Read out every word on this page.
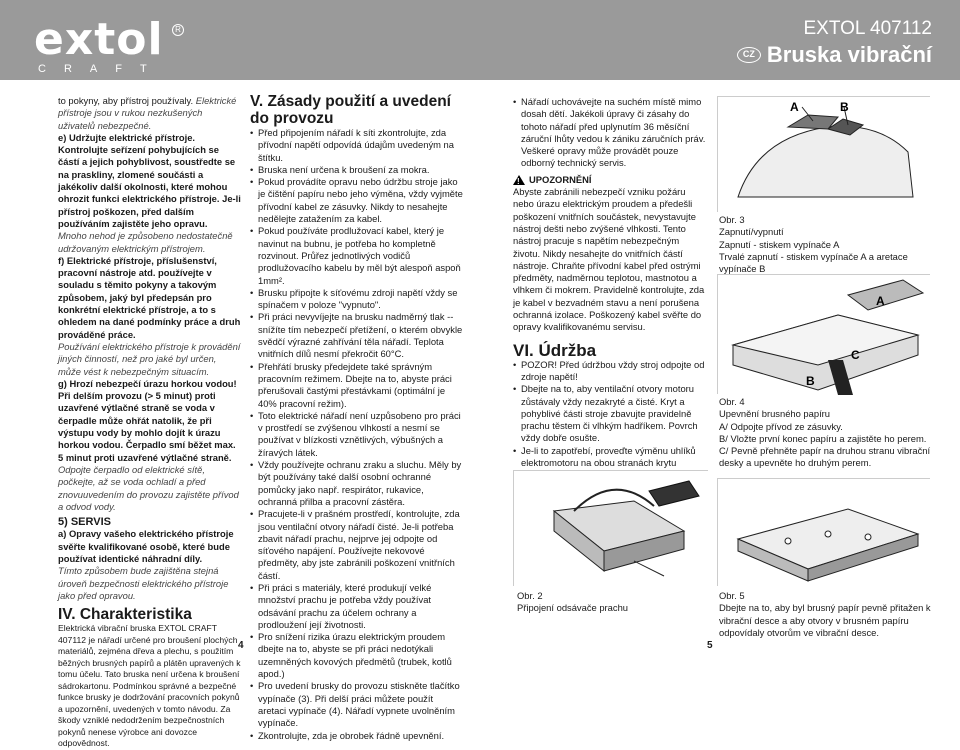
extol	R
CRAFT
EXTOL 407112
CZ Bruska vibrační

to pokyny, aby přístroj používaly. Elektrické přístroje jsou v rukou nezkušených uživatelů nebezpečné.

e) Udržujte elektrické přístroje. Kontrolujte seřízení pohybujících se částí a jejich pohyblivost, soustředte se na praskliny, zlomené součásti a jakékoliv další okolnosti, které mohou ohrozit funkci elektrického přístroje. Je-li přístroj poškozen, před dalším používáním zajistěte jeho opravu.

Mnoho nehod je způsobeno nedostatečně udržovaným elektrickým přístrojem.

f) Elektrické přístroje, příslušenství, pracovní nástroje atd. používejte v souladu s těmito pokyny a takovým způsobem, jaký byl předepsán pro konkrétní elektrické přístroje, a to s ohledem na dané podmínky práce a druh prováděné práce.

Používání elektrického přístroje k provádění jiných činností, než pro jaké byl určen, může vést k nebezpečným situacím.

g) Hrozí nebezpečí úrazu horkou vodou! Při delším provozu (> 5 minut) proti uzavřené výtlačné straně se voda v čerpadle může ohřát natolik, že při výstupu vody by mohlo dojít k úrazu horkou vodou. Čerpadlo smí běžet max. 5 minut proti uzavřené výtlačné straně.

Odpojte čerpadlo od elektrické sítě, počkejte, až se voda ochladí a před znovuuvedením do provozu zajistěte přívod a odvod vody.

5) SERVIS

a) Opravy vašeho elektrického přístroje svěřte kvalifikované osobě, které bude používat identické náhradní díly.

Tímto způsobem bude zajištěna stejná úroveň bezpečnosti elektrického přístroje jako před opravou.

IV. Charakteristika

Elektrická vibrační bruska EXTOL CRAFT 407112 je nářadí určené pro broušení plochých materiálů, zejména dřeva a plechu, s použitím běžných brusných papírů a plátěn upravených k tomu účelu. Tato bruska není určena k broušení sádrokartonu. Podmínkou správné a bezpečné funkce brusky je dodržování pracovních pokynů a upozornění, uvedených v tomto návodu. Za škody vzniklé nedodržením bezpečnostních pokynů nenese výrobce ani dovozce odpovědnost.

4

V. Zásady použití a uvedení do provozu

• Před připojením nářadí k síti zkontrolujte, zda přívodní napětí odpovídá údajům uvedeným na štítku.
• Bruska není určena k broušení za mokra.
• Pokud provádíte opravu nebo údržbu stroje jako je čištění papíru nebo jeho výměna, vždy vyjměte přívodní kabel ze zásuvky. Nikdy to nesahejte nedělejte zatažením za kabel.
• Pokud používáte prodlužovací kabel, který je navinut na bubnu, je potřeba ho kompletně rozvinout. Průřez jednotlivých vodičů prodlužovacího kabelu by měl být alespoň aspoň 1mm².
• Brusku připojte k síťovému zdroji napětí vždy se spínačem v poloze "vypnuto".
• Při práci nevyvíjejte na brusku nadměrný tlak -- snížíte tím nebezpečí přetížení, o kterém obvykle svědčí výrazné zahřívání těla nářadí. Teplota vnitřních dílů nesmí překročit 60°C.
• Přehřátí brusky předejdete také správným pracovním režimem. Dbejte na to, abyste práci přerušovali častými přestávkami (optimální je 40% pracovní režim).
• Toto elektrické nářadí není uzpůsobeno pro práci v prostředí se zvýšenou vlhkostí a nesmí se používat v blízkosti vznětlivých, výbušných a žíravých látek.
• Vždy používejte ochranu zraku a sluchu. Měly by být používány také další osobní ochranné pomůcky jako např. respirátor, rukavice, ochranná přilba a pracovní zástěra.
• Pracujete-li v prašném prostředí, kontrolujte, zda jsou ventilační otvory nářadí čisté. Je-li potřeba zbavit nářadí prachu, nejprve jej odpojte od síťového napájení. Používejte nekovové předměty, aby jste zabránili poškození vnitřních částí.
• Při práci s materiály, které produkují velké množství prachu je potřeba vždy používat odsávání prachu za účelem ochrany a prodloužení její životnosti.
• Pro snížení rizika úrazu elektrickým proudem dbejte na to, abyste se při práci nedotýkali uzemněných kovových předmětů (trubek, kotlů apod.)
• Pro uvedení brusky do provozu stiskněte tlačítko vypínače (3). Při delší práci můžete použít aretaci vypínače (4). Nářadí vypnete uvolněním vypínače.
• Zkontrolujte, zda je obrobek řádně upevnění.
• Nářadí uchovávejte na suchém místě mimo dosah dětí. Jakékoli úpravy či zásahy do tohoto nářadí před uplynutím 36 měsíční záruční lhůty vedou k zániku záručních práv. Veškeré opravy může provádět pouze odborný technický servis.
! UPOZORNĚNÍ

Abyste zabránili nebezpečí vzniku požáru nebo úrazu elektrickým proudem a předešli poškození vnitřních součástek, nevystavujte nástroj dešti nebo zvýšené vlhkosti. Tento nástroj pracuje s napětím nebezpečným životu. Nikdy nesahejte do vnitřních částí nástroje. Chraňte přívodní kabel před ostrými předměty, nadměrnou teplotou, mastnotou a vlhkem či mokrem. Pravidelně kontrolujte, zda je kabel v bezvadném stavu a není porušena ochranná izolace. Poškozený kabel svěřte do opravy kvalifikovanému servisu.

VI. Údržba

• POZOR! Před údržbou vždy stroj odpojte od zdroje napětí!
• Dbejte na to, aby ventilační otvory motoru zůstávaly vždy nezakryté a čisté. Kryt a pohyblivé části stroje zbavujte pravidelně prachu těstem či vlhkým hadříkem. Povrch vždy dobře osušte.
• Je-li to zapotřebí, proveďte výměnu uhlíků elektromotoru na obou stranách krytu
•
•
Obr. 2
Připojení odsávače prachu
5
A	B
Obr. 3
Zapnutí/vypnutí
Zapnutí - stiskem vypínače A
Trvalé zapnutí - stiskem vypínače A a aretace vypínače B
A
B
C
Obr. 4
Upevnění brusného papíru
A/ Odpojte přívod ze zásuvky.
B/ Vložte první konec papíru a zajistěte ho perem.
C/ Pevně přehněte papír na druhou stranu vibrační desky a upevněte ho druhým perem.
Obr. 5
Dbejte na to, aby byl brusný papír pevně přitažen k vibrační desce a aby otvory v brusném papíru odpovídaly otvorům ve vibrační desce.
